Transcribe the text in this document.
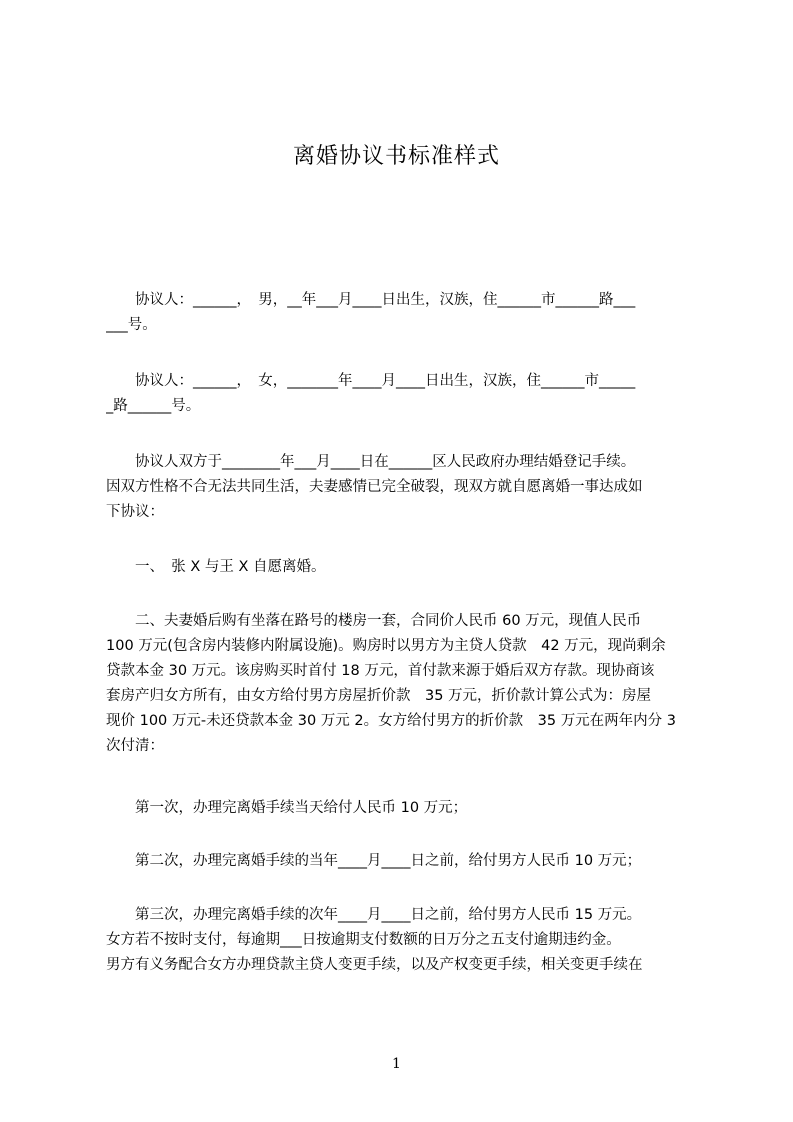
离婚协议书标准样式
　　协议人：______，　男，__年___月____日出生，汉族，住______市______路___
___号。
　　协议人：______，　女，_______年____月____日出生，汉族，住______市_____
_路______号。
　　协议人双方于________年___月____日在______区人民政府办理结婚登记手续。
因双方性格不合无法共同生活，夫妻感情已完全破裂，现双方就自愿离婚一事达成如
下协议：
　　一、　张 X 与王 X 自愿离婚。
　　二、夫妻婚后购有坐落在路号的楼房一套，合同价人民币 60 万元，现值人民币
100 万元(包含房内装修内附属设施)。购房时以男方为主贷人贷款　42 万元，现尚剩余
贷款本金 30 万元。该房购买时首付 18 万元，首付款来源于婚后双方存款。现协商该
套房产归女方所有，由女方给付男方房屋折价款　35 万元，折价款计算公式为：房屋
现价 100 万元-未还贷款本金 30 万元 2。女方给付男方的折价款　35 万元在两年内分 3
次付清：
　　第一次，办理完离婚手续当天给付人民币 10 万元；
　　第二次，办理完离婚手续的当年____月____日之前，给付男方人民币 10 万元；
　　第三次，办理完离婚手续的次年____月____日之前，给付男方人民币 15 万元。
女方若不按时支付，每逾期___日按逾期支付数额的日万分之五支付逾期违约金。
男方有义务配合女方办理贷款主贷人变更手续，以及产权变更手续，相关变更手续在
1
